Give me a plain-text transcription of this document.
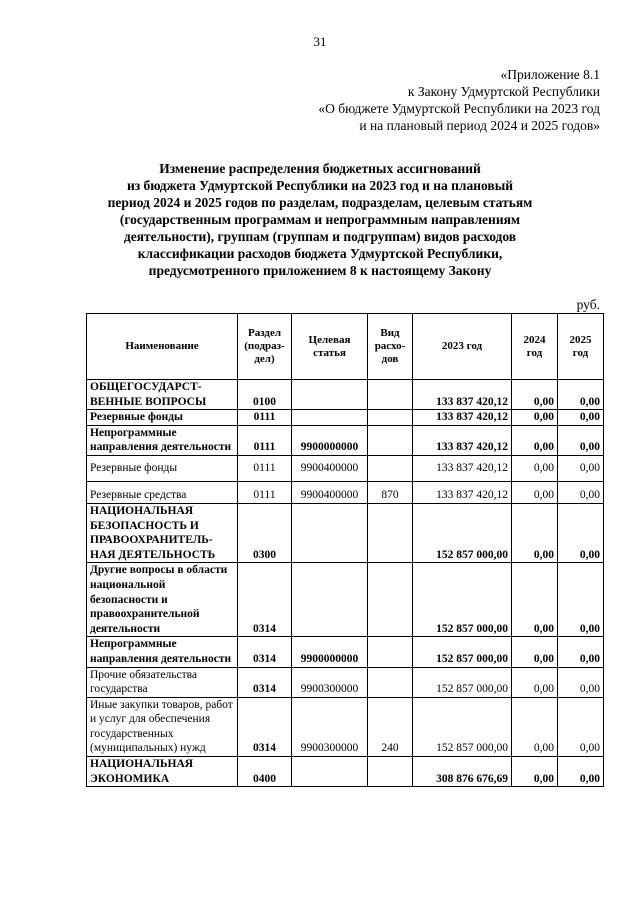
31
«Приложение 8.1
к Закону Удмуртской Республики
«О бюджете Удмуртской Республики на 2023 год
и на плановый период 2024 и 2025 годов»
Изменение распределения бюджетных ассигнований
из бюджета Удмуртской Республики на 2023 год и на плановый
период 2024 и 2025 годов по разделам, подразделам, целевым статьям
(государственным программам и непрограммным направлениям
деятельности), группам (группам и подгруппам) видов расходов
классификации расходов бюджета Удмуртской Республики,
предусмотренного приложением 8 к настоящему Закону
руб.
Наименование	Раздел (подраз-дел)	Целевая статья	Вид расхо-дов	2023 год	2024 год	2025 год
ОБЩЕГОСУДАРСТ-ВЕННЫЕ ВОПРОСЫ	0100			133 837 420,12	0,00	0,00
Резервные фонды	0111			133 837 420,12	0,00	0,00
Непрограммные направления деятельности	0111	9900000000		133 837 420,12	0,00	0,00
Резервные фонды	0111	9900400000		133 837 420,12	0,00	0,00
Резервные средства	0111	9900400000	870	133 837 420,12	0,00	0,00
НАЦИОНАЛЬНАЯ БЕЗОПАСНОСТЬ И ПРАВООХРАНИТЕЛЬ-НАЯ ДЕЯТЕЛЬНОСТЬ	0300			152 857 000,00	0,00	0,00
Другие вопросы в области национальной безопасности и правоохранительной деятельности	0314			152 857 000,00	0,00	0,00
Непрограммные направления деятельности	0314	9900000000		152 857 000,00	0,00	0,00
Прочие обязательства государства	0314	9900300000		152 857 000,00	0,00	0,00
Иные закупки товаров, работ и услуг для обеспечения государственных (муниципальных) нужд	0314	9900300000	240	152 857 000,00	0,00	0,00
НАЦИОНАЛЬНАЯ ЭКОНОМИКА	0400			308 876 676,69	0,00	0,00
